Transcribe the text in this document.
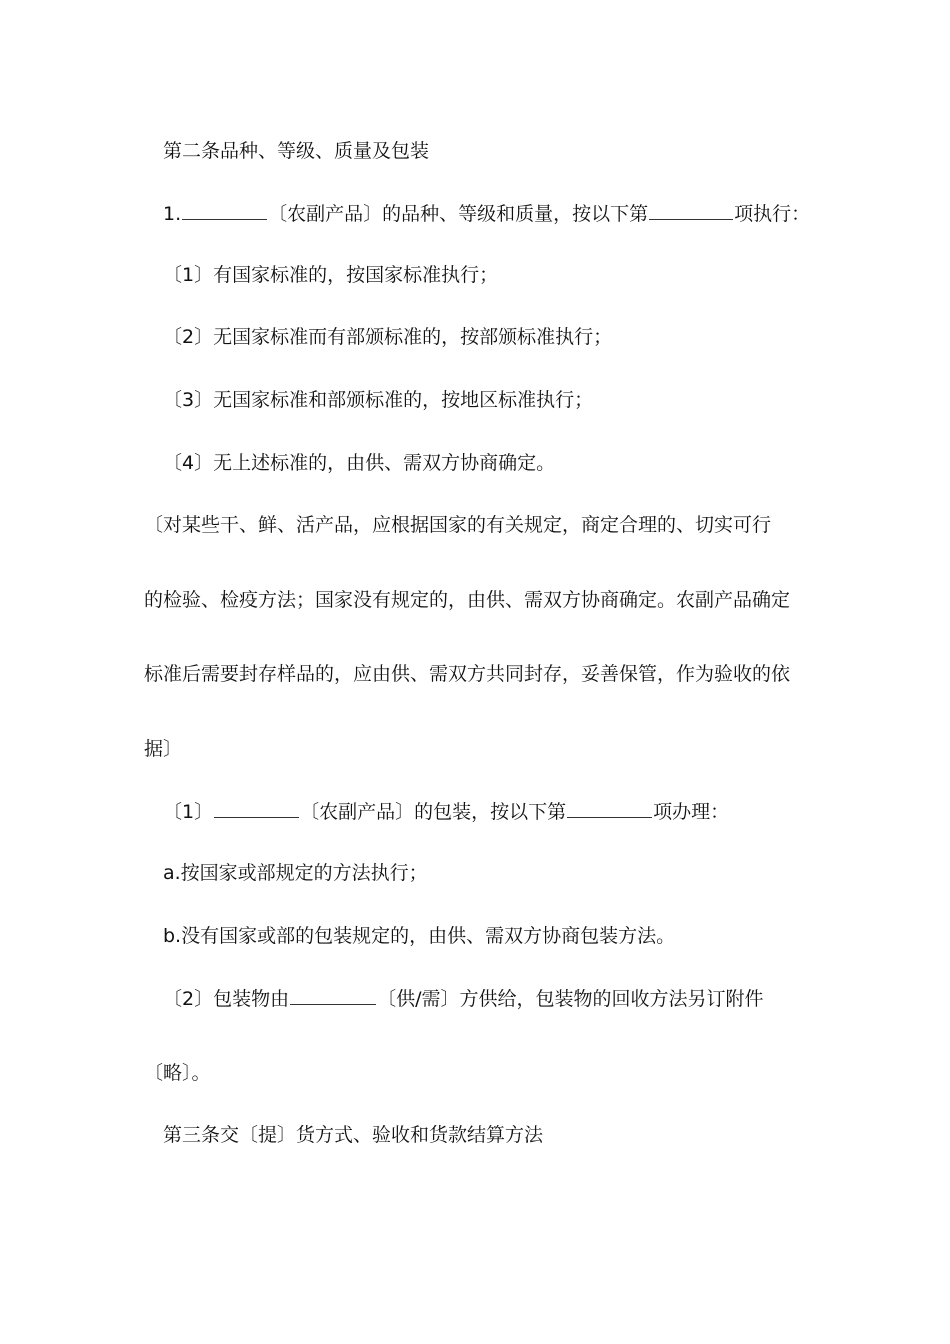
第二条品种、等级、质量及包装
1.	〔农副产品〕的品种、等级和质量，按以下第	项执行：
〔1〕有国家标准的，按国家标准执行；
〔2〕无国家标准而有部颁标准的，按部颁标准执行；
〔3〕无国家标准和部颁标准的，按地区标准执行；
〔4〕无上述标准的，由供、需双方协商确定。
〔对某些干、鲜、活产品，应根据国家的有关规定，商定合理的、切实可行
的检验、检疫方法；国家没有规定的，由供、需双方协商确定。农副产品确定
标准后需要封存样品的，应由供、需双方共同封存，妥善保管，作为验收的依
据〕
〔1〕	〔农副产品〕的包装，按以下第	项办理：
a.按国家或部规定的方法执行；
b.没有国家或部的包装规定的，由供、需双方协商包装方法。
〔2〕包装物由	〔供/需〕方供给，包装物的回收方法另订附件
〔略〕。
第三条交〔提〕货方式、验收和货款结算方法
